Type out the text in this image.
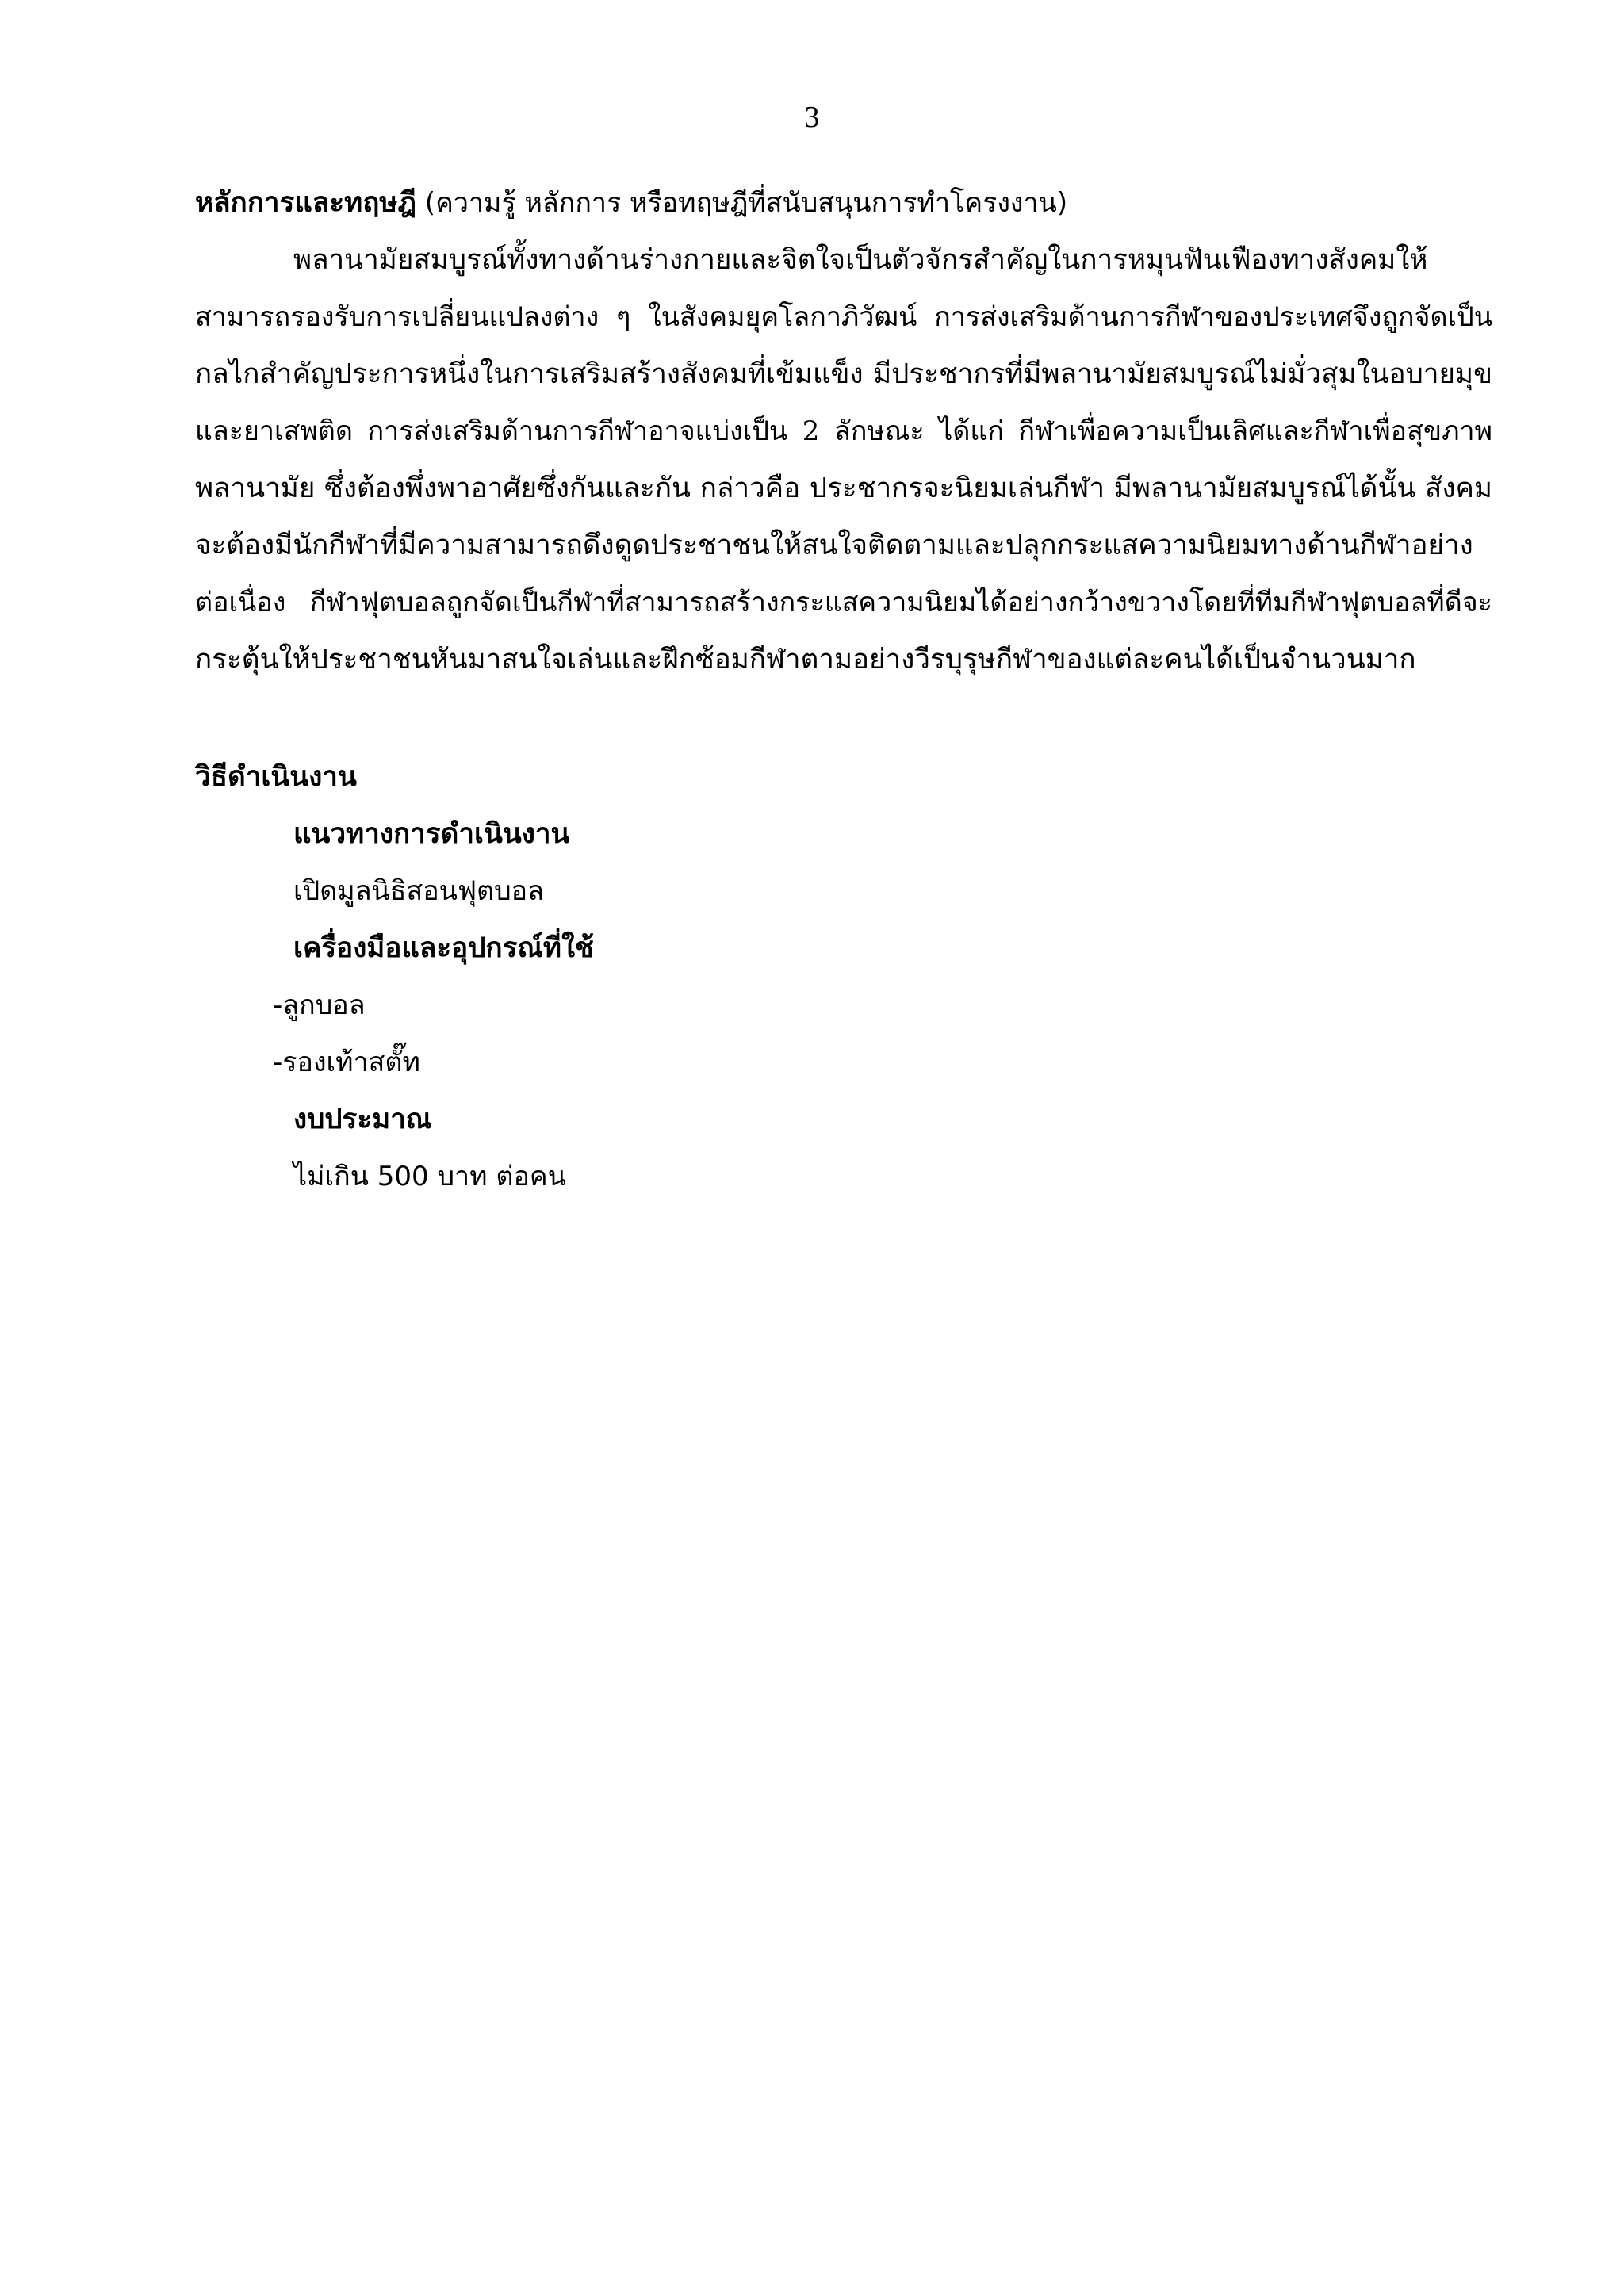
3
หลักการและทฤษฎี (ความรู้ หลักการ หรือทฤษฎีที่สนับสนุนการทำโครงงาน)
พลานามัยสมบูรณ์ทั้งทางด้านร่างกายและจิตใจเป็นตัวจักรสำคัญในการหมุนฟันเฟืองทางสังคมให้
สามารถรองรับการเปลี่ยนแปลงต่าง ๆ ในสังคมยุคโลกาภิวัฒน์ การส่งเสริมด้านการกีฬาของประเทศจึงถูกจัดเป็น
กลไกสำคัญประการหนึ่งในการเสริมสร้างสังคมที่เข้มแข็ง มีประชากรที่มีพลานามัยสมบูรณ์ไม่มั่วสุมในอบายมุข
และยาเสพติด การส่งเสริมด้านการกีฬาอาจแบ่งเป็น 2 ลักษณะ ได้แก่ กีฬาเพื่อความเป็นเลิศและกีฬาเพื่อสุขภาพ
พลานามัย ซึ่งต้องพึ่งพาอาศัยซึ่งกันและกัน กล่าวคือ ประชากรจะนิยมเล่นกีฬา มีพลานามัยสมบูรณ์ได้นั้น สังคม
จะต้องมีนักกีฬาที่มีความสามารถดึงดูดประชาชนให้สนใจติดตามและปลุกกระแสความนิยมทางด้านกีฬาอย่าง
ต่อเนื่อง กีฬาฟุตบอลถูกจัดเป็นกีฬาที่สามารถสร้างกระแสความนิยมได้อย่างกว้างขวางโดยที่ทีมกีฬาฟุตบอลที่ดีจะ
กระตุ้นให้ประชาชนหันมาสนใจเล่นและฝึกซ้อมกีฬาตามอย่างวีรบุรุษกีฬาของแต่ละคนได้เป็นจำนวนมาก
วิธีดำเนินงาน
แนวทางการดำเนินงาน
เปิดมูลนิธิสอนฟุตบอล
เครื่องมือและอุปกรณ์ที่ใช้
-ลูกบอล
-รองเท้าสตั๊ท
งบประมาณ
ไม่เกิน 500 บาท ต่อคน
